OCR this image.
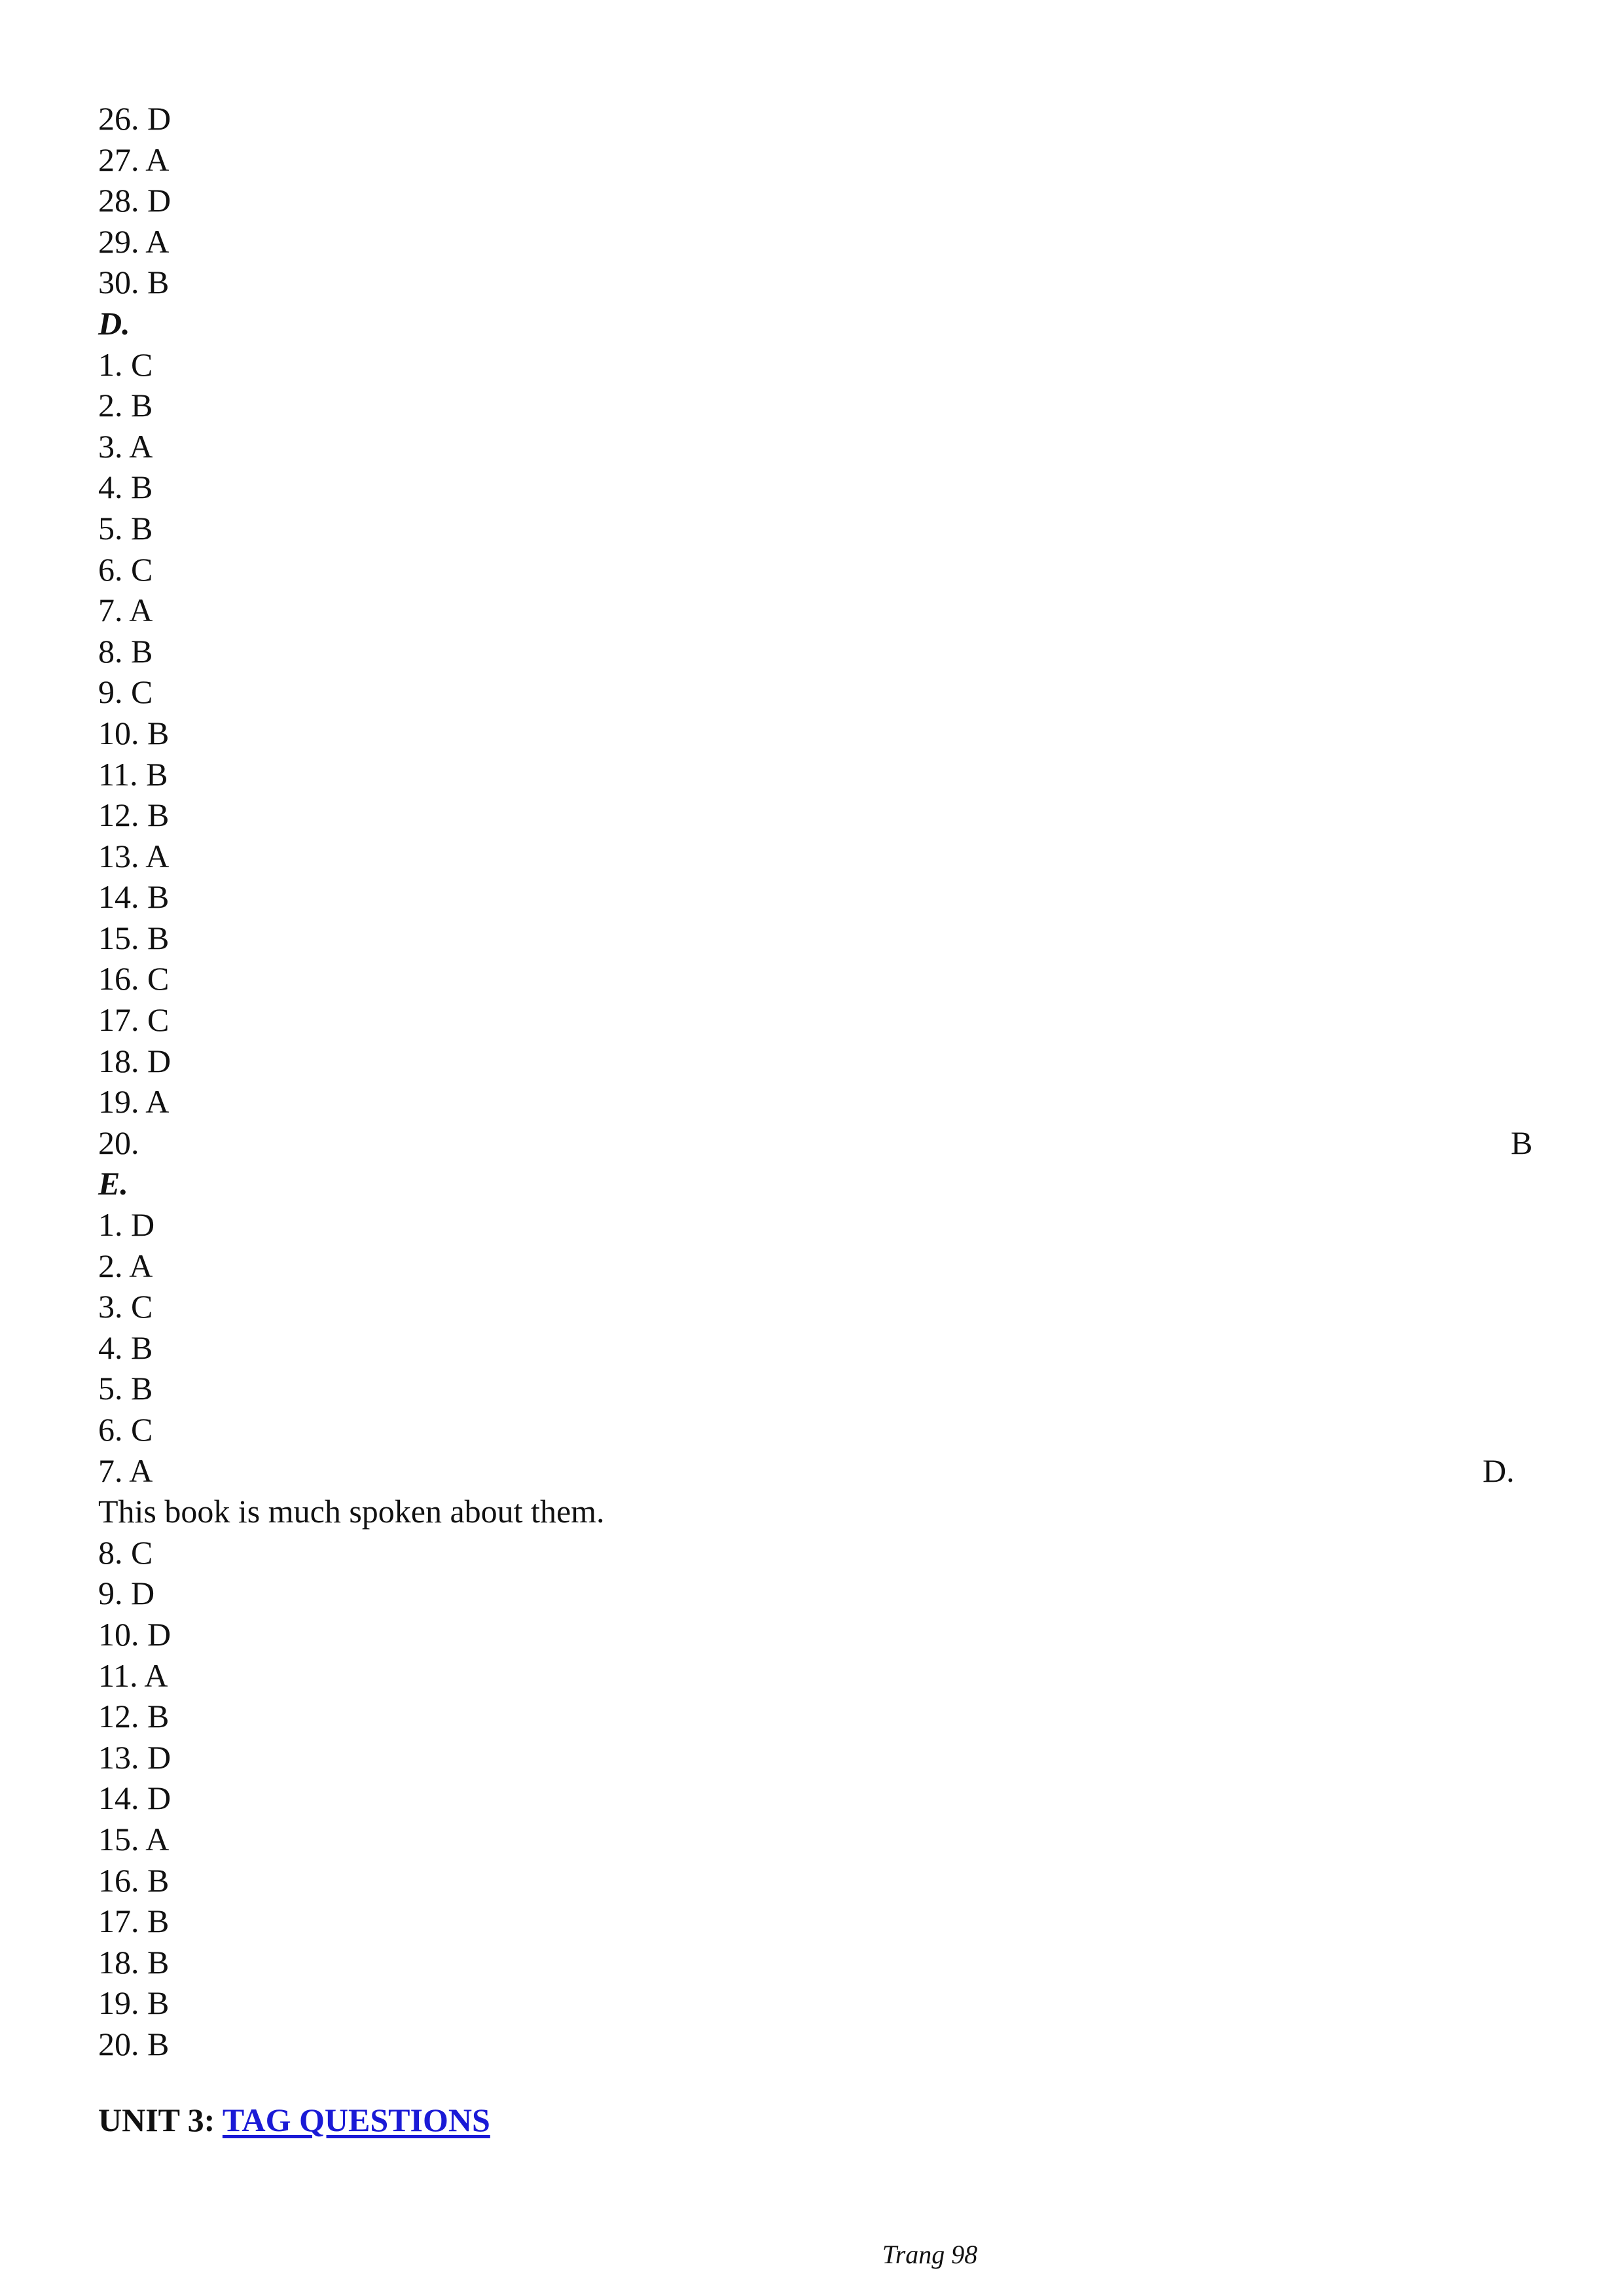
26. D
27. A
28. D
29. A
30. B
D.
1. C
2. B
3. A
4. B
5. B
6. C
7. A
8. B
9. C
10. B
11. B
12. B
13. A
14. B
15. B
16. C
17. C
18. D
19. A
20.	B
E.
1. D
2. A
3. C
4. B
5. B
6. C
7. A	D.
This book is much spoken about them.
8. C
9. D
10. D
11. A
12. B
13. D
14. D
15. A
16. B
17. B
18. B
19. B
20. B
UNIT 3: TAG QUESTIONS
Trang 98
